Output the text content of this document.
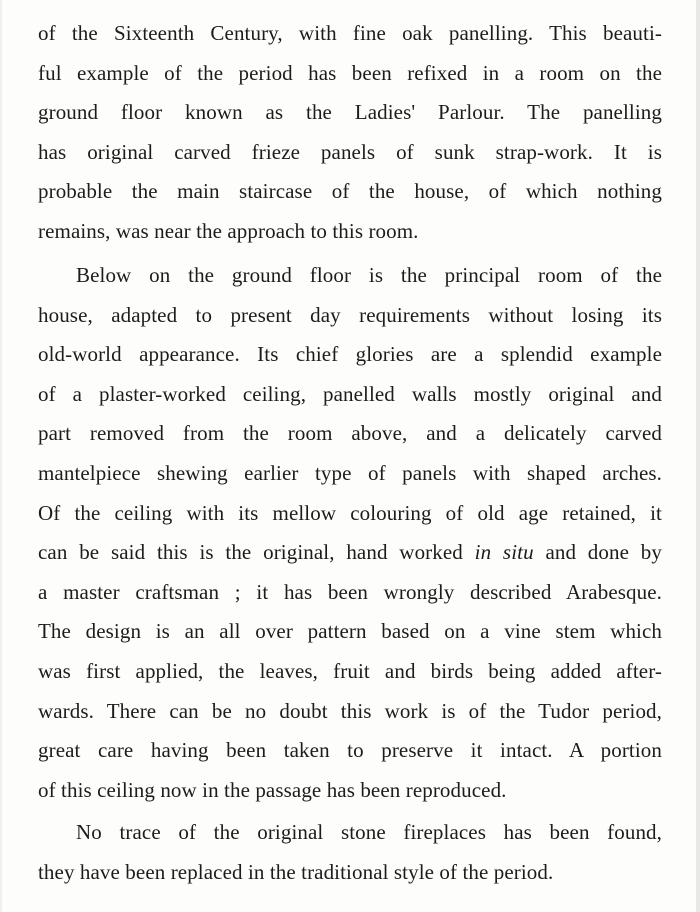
of the Sixteenth Century, with fine oak panelling. This beauti-
ful example of the period has been refixed in a room on the
ground floor known as the Ladies' Parlour. The panelling
has original carved frieze panels of sunk strap-work. It is
probable the main staircase of the house, of which nothing
remains, was near the approach to this room.

Below on the ground floor is the principal room of the
house, adapted to present day requirements without losing its
old-world appearance. Its chief glories are a splendid example
of a plaster-worked ceiling, panelled walls mostly original and
part removed from the room above, and a delicately carved
mantelpiece shewing earlier type of panels with shaped arches.
Of the ceiling with its mellow colouring of old age retained, it
can be said this is the original, hand worked in situ and done by
a master craftsman ; it has been wrongly described Arabesque.
The design is an all over pattern based on a vine stem which
was first applied, the leaves, fruit and birds being added after-
wards. There can be no doubt this work is of the Tudor period,
great care having been taken to preserve it intact. A portion
of this ceiling now in the passage has been reproduced.

No trace of the original stone fireplaces has been found,
they have been replaced in the traditional style of the period.
